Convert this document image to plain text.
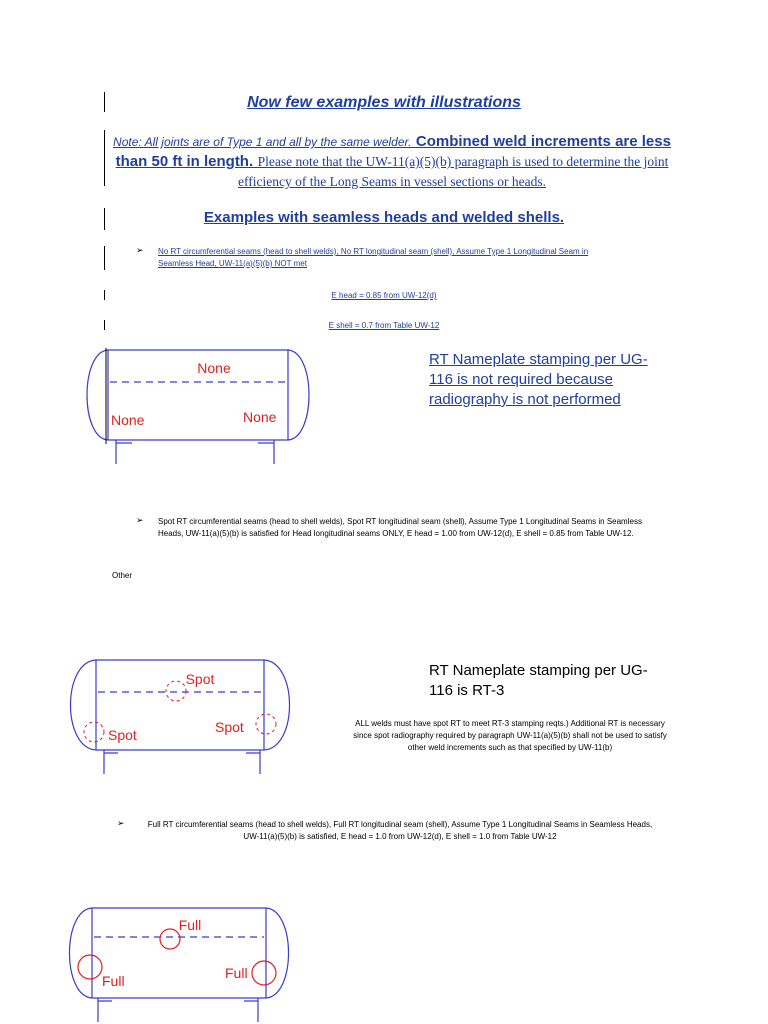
Now few examples with illustrations
Note: All joints are of Type 1 and all by the same welder. Combined weld increments are less than 50 ft in length. Please note that the UW-11(a)(5)(b) paragraph is used to determine the joint efficiency of the Long Seams in vessel sections or heads.
Examples with seamless heads and welded shells.
➢ No RT circumferential seams (head to shell welds), No RT longitudinal seam (shell), Assume Type 1 Longitudinal Seam in Seamless Head, UW-11(a)(5)(b) NOT met
E head = 0.85 from UW-12(d)
E shell = 0.7 from Table UW-12
None
None	None
RT Nameplate stamping per UG-116 is not required because radiography is not performed
➢ Spot RT circumferential seams (head to shell welds), Spot RT longitudinal seam (shell), Assume Type 1 Longitudinal Seams in Seamless Heads, UW-11(a)(5)(b) is satisfied for Head longitudinal seams ONLY, E head = 1.00 from UW-12(d), E shell = 0.85 from Table UW-12.
Other
Spot
Spot	Spot
RT Nameplate stamping per UG-116 is RT-3
ALL welds must have spot RT to meet RT-3 stamping reqts.) Additional RT is necessary since spot radiography required by paragraph UW-11(a)(5)(b) shall not be used to satisfy other weld increments such as that specified by UW-11(b)
➢	Full RT circumferential seams (head to shell welds), Full RT longitudinal seam (shell), Assume Type 1 Longitudinal Seams in Seamless Heads, UW-11(a)(5)(b) is satisfied, E head = 1.0 from UW-12(d), E shell = 1.0 from Table UW-12
Full
Full	Full
